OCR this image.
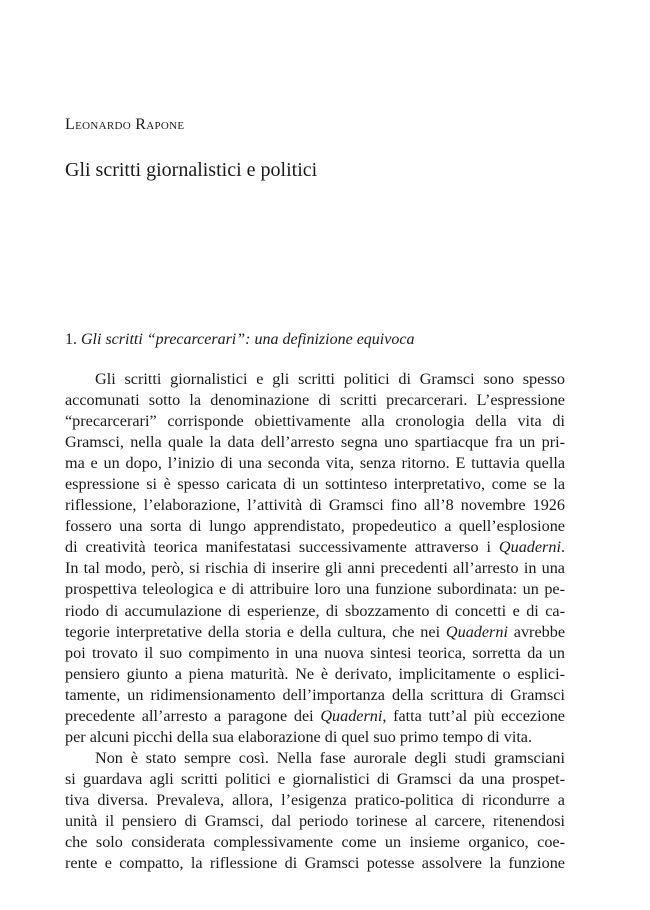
Leonardo Rapone
Gli scritti giornalistici e politici
1. Gli scritti “precarcerari”: una definizione equivoca
Gli scritti giornalistici e gli scritti politici di Gramsci sono spesso
accomunati sotto la denominazione di scritti precarcerari. L’espressione
“precarcerari” corrisponde obiettivamente alla cronologia della vita di
Gramsci, nella quale la data dell’arresto segna uno spartiacque fra un pri-
ma e un dopo, l’inizio di una seconda vita, senza ritorno. E tuttavia quella
espressione si è spesso caricata di un sottinteso interpretativo, come se la
riflessione, l’elaborazione, l’attività di Gramsci fino all’8 novembre 1926
fossero una sorta di lungo apprendistato, propedeutico a quell’esplosione
di creatività teorica manifestatasi successivamente attraverso i Quaderni.
In tal modo, però, si rischia di inserire gli anni precedenti all’arresto in una
prospettiva teleologica e di attribuire loro una funzione subordinata: un pe-
riodo di accumulazione di esperienze, di sbozzamento di concetti e di ca-
tegorie interpretative della storia e della cultura, che nei Quaderni avrebbe
poi trovato il suo compimento in una nuova sintesi teorica, sorretta da un
pensiero giunto a piena maturità. Ne è derivato, implicitamente o esplici-
tamente, un ridimensionamento dell’importanza della scrittura di Gramsci
precedente all’arresto a paragone dei Quaderni, fatta tutt’al più eccezione
per alcuni picchi della sua elaborazione di quel suo primo tempo di vita.
Non è stato sempre così. Nella fase aurorale degli studi gramsciani
si guardava agli scritti politici e giornalistici di Gramsci da una prospet-
tiva diversa. Prevaleva, allora, l’esigenza pratico-politica di ricondurre a
unità il pensiero di Gramsci, dal periodo torinese al carcere, ritenendosi
che solo considerata complessivamente come un insieme organico, coe-
rente e compatto, la riflessione di Gramsci potesse assolvere la funzione
